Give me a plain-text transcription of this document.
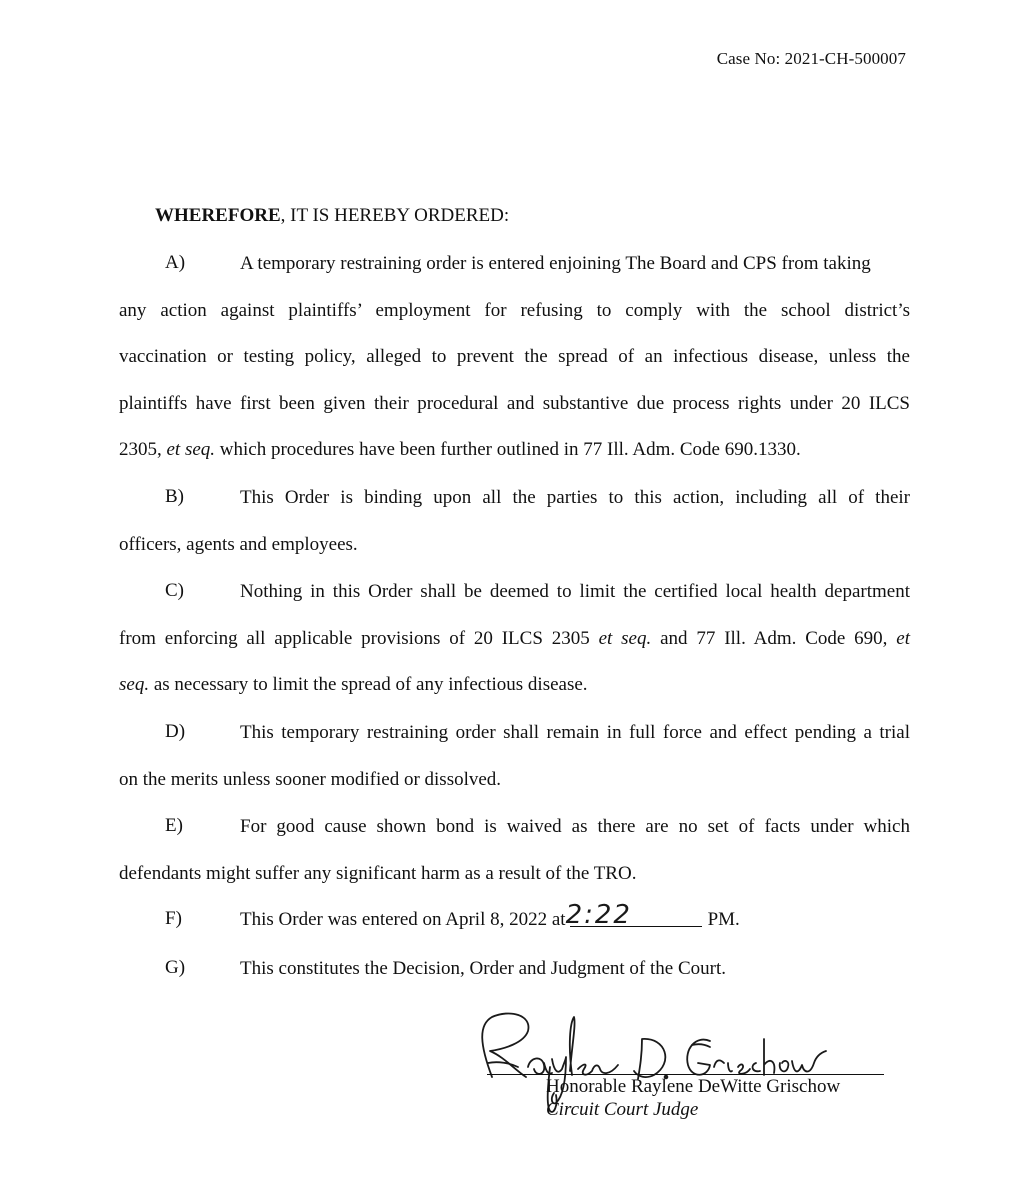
Case No: 2021-CH-500007
WHEREFORE, IT IS HEREBY ORDERED:
A)	A temporary restraining order is entered enjoining The Board and CPS from taking
any action against plaintiffs’ employment for refusing to comply with the school district’s
vaccination or testing policy, alleged to prevent the spread of an infectious disease, unless the
plaintiffs have first been given their procedural and substantive due process rights under 20 ILCS
2305, et seq. which procedures have been further outlined in 77 Ill. Adm. Code 690.1330.
B)	This Order is binding upon all the parties to this action, including all of their
officers, agents and employees.
C)	Nothing in this Order shall be deemed to limit the certified local health department
from enforcing all applicable provisions of 20 ILCS 2305 et seq. and 77 Ill. Adm. Code 690, et
seq. as necessary to limit the spread of any infectious disease.
D)	This temporary restraining order shall remain in full force and effect pending a trial
on the merits unless sooner modified or dissolved.
E)	For good cause shown bond is waived as there are no set of facts under which
defendants might suffer any significant harm as a result of the TRO.
F)	This Order was entered on April 8, 2022 at 2:22	PM.
G)	This constitutes the Decision, Order and Judgment of the Court.
Honorable Raylene DeWitte Grischow
Circuit Court Judge
